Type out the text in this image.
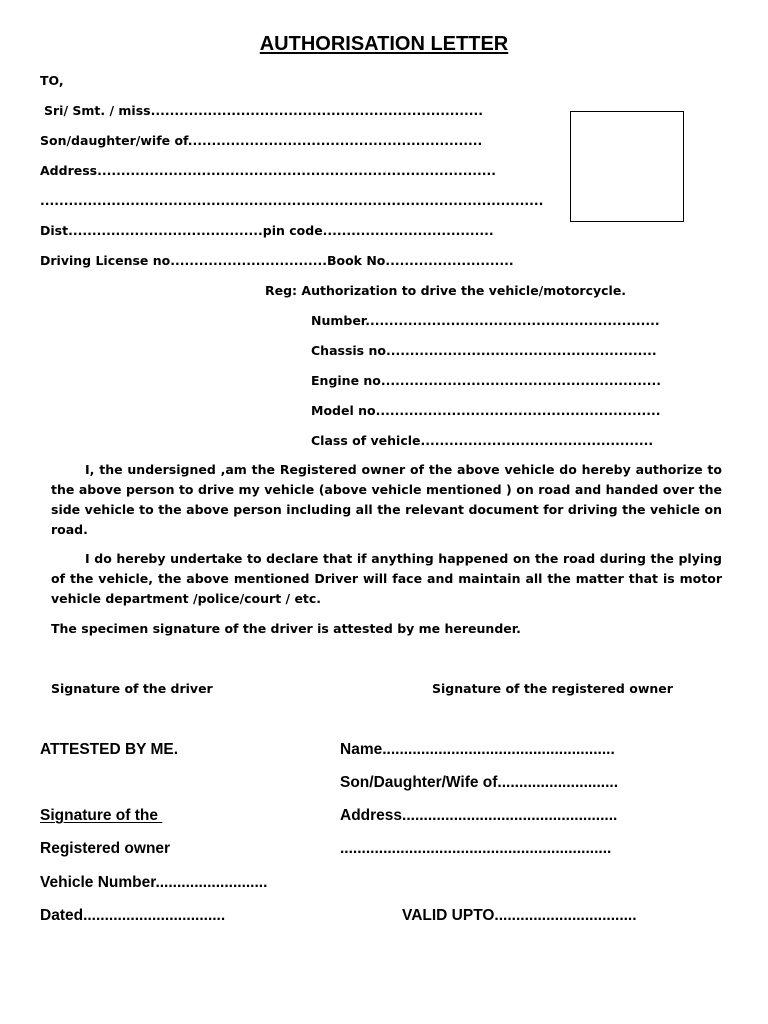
AUTHORISATION LETTER
TO,
Sri/ Smt. / miss......................................................................
Son/daughter/wife of..............................................................
Address....................................................................................
..........................................................................................................
Dist.........................................pin code....................................
Driving License no.................................Book No...........................
Reg: Authorization to drive the vehicle/motorcycle.
Number..............................................................
Chassis no.........................................................
Engine no...........................................................
Model no............................................................
Class of vehicle.................................................
I, the undersigned ,am the Registered owner of the above vehicle do hereby authorize to the above person to drive my vehicle (above vehicle mentioned ) on road and handed over the side vehicle to the above person including all the relevant document for driving the vehicle on road.
I do hereby undertake to declare that if anything happened on the road during the plying of the vehicle, the above mentioned Driver will face and maintain all the matter that is motor vehicle department /police/court / etc.
The specimen signature of the driver is attested by me hereunder.
Signature of the driver	Signature of the registered owner
ATTESTED BY ME.	Name......................................................
Son/Daughter/Wife of............................
Signature of the	Address..................................................
Registered owner	...............................................................
Vehicle Number..........................
Dated.................................	VALID UPTO.................................
